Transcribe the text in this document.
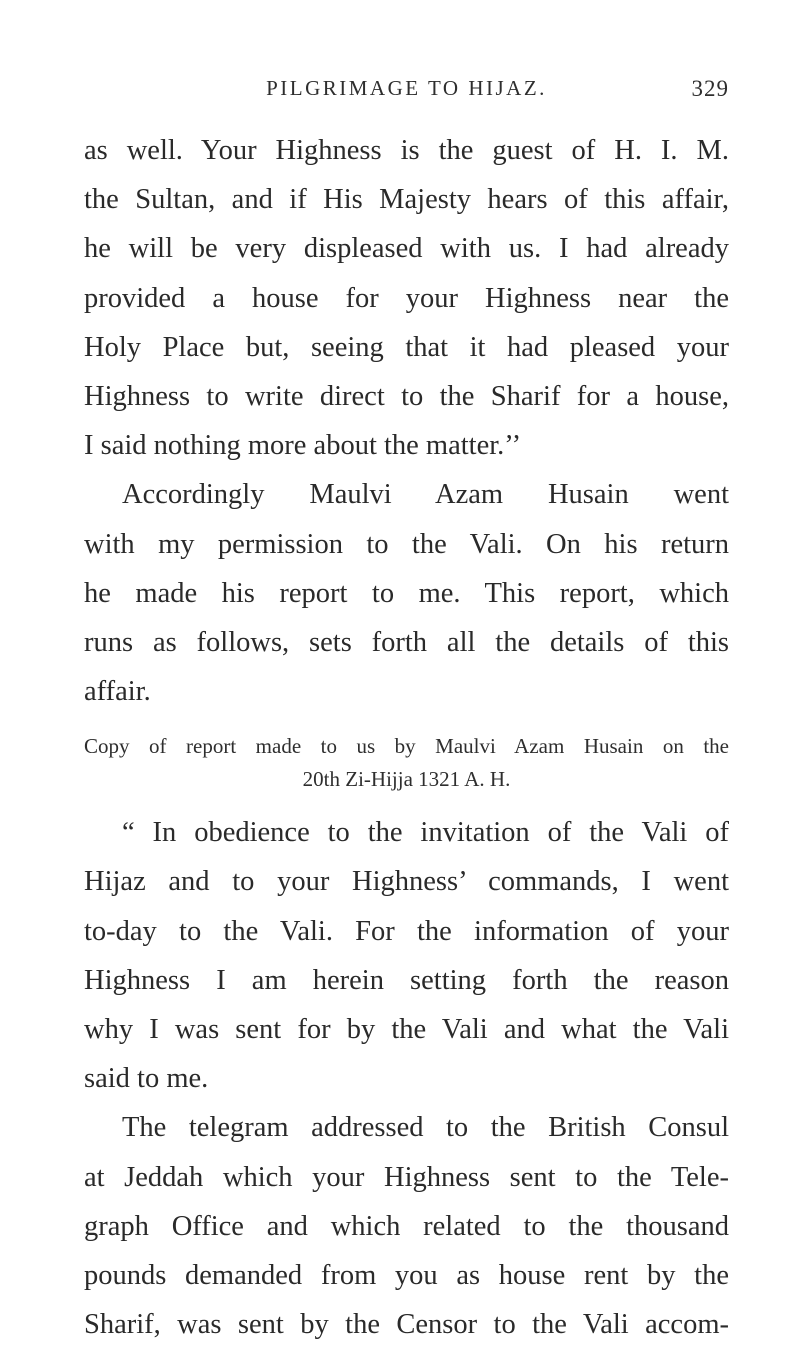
PILGRIMAGE TO HIJAZ.	329
as well. Your Highness is the guest of H. I. M.
the Sultan, and if His Majesty hears of this affair,
he will be very displeased with us. I had already
provided a house for your Highness near the
Holy Place but, seeing that it had pleased your
Highness to write direct to the Sharif for a house,
I said nothing more about the matter.’’
Accordingly Maulvi Azam Husain went
with my permission to the Vali. On his return
he made his report to me. This report, which
runs as follows, sets forth all the details of this
affair.
Copy of report made to us by Maulvi Azam Husain on the
20th Zi-Hijja 1321 A. H.
“ In obedience to the invitation of the Vali of
Hijaz and to your Highness’ commands, I went
to-day to the Vali. For the information of your
Highness I am herein setting forth the reason
why I was sent for by the Vali and what the Vali
said to me.
The telegram addressed to the British Consul
at Jeddah which your Highness sent to the Tele-
graph Office and which related to the thousand
pounds demanded from you as house rent by the
Sharif, was sent by the Censor to the Vali accom-
